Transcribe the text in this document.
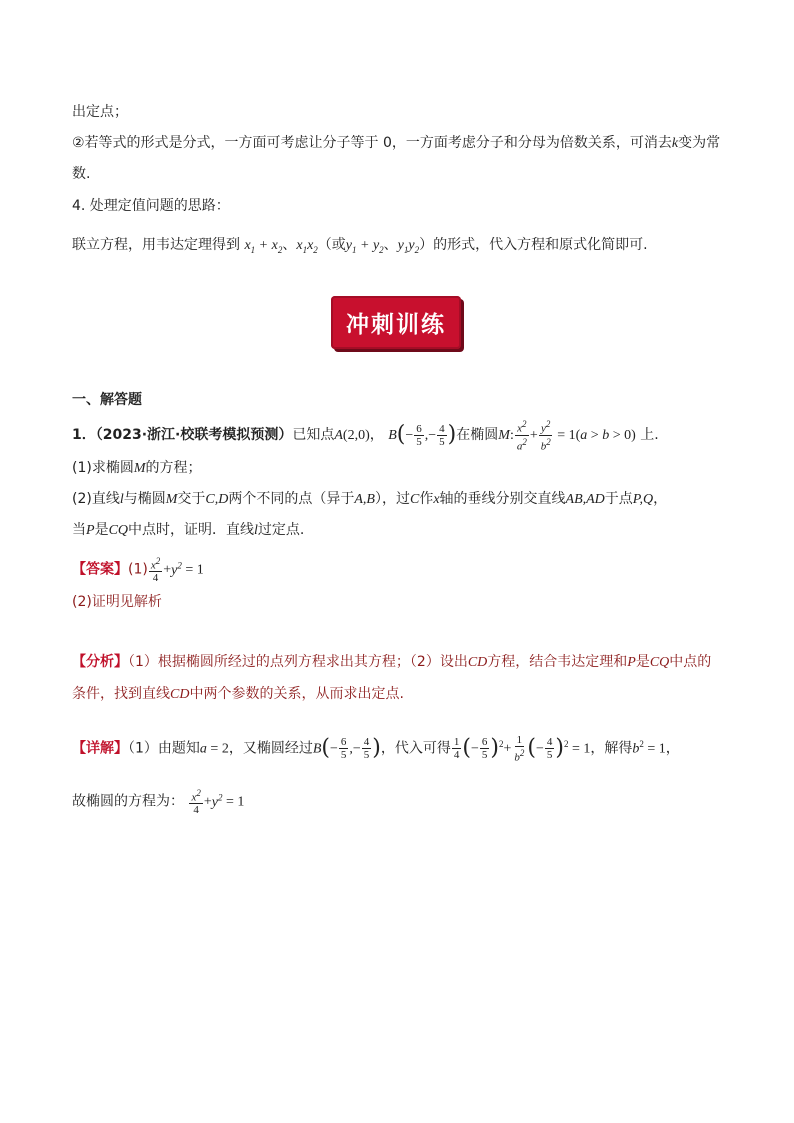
出定点；
②若等式的形式是分式，一方面可考虑让分子等于 0，一方面考虑分子和分母为倍数关系，可消去k变为常
数.
4. 处理定值问题的思路：
联立方程，用韦达定理得到 $x_1 + x_2$、$x_1x_2$（或$y_1 + y_2$、$y_1y_2$）的形式，代入方程和原式化简即可.
冲刺训练
一、解答题
1．（2023·浙江·校联考模拟预测）已知点A(2,0)， $B(- \frac{6}{5}$ ,− $\frac{4}{5}$ )在椭圆M: $\frac{x^2}{a^2} + \frac{y^2}{b^2} = 1(a > b > 0)$ 上.
(1)求椭圆M的方程；
(2)直线l与椭圆M交于C,D两个不同的点（异于A,B），过C作x轴的垂线分别交直线AB,AD于点P,Q，
当P是CQ中点时，证明．直线l过定点.
【答案】$(1) \frac{x^2}{4} +y^2 = 1$
(2)证明见解析
【分析】（1）根据椭圆所经过的点列方程求出其方程；（2）设出CD方程，结合韦达定理和P是CQ中点的
条件，找到直线CD中两个参数的关系，从而求出定点.
【详解】（1）由题知a = 2，又椭圆经过$B(- \frac{6}{5}$ ,− $\frac{4}{5}$ )，代入可得 $\frac{1}{4}$ (− $\frac{6}{5} )^2+ \frac{1}{b^2}$ (− $\frac{4}{5} )^2 = 1$，解得$b^2 = 1$，
故椭圆的方程为： $\frac{x^2}{4} +y^2 = 1$
